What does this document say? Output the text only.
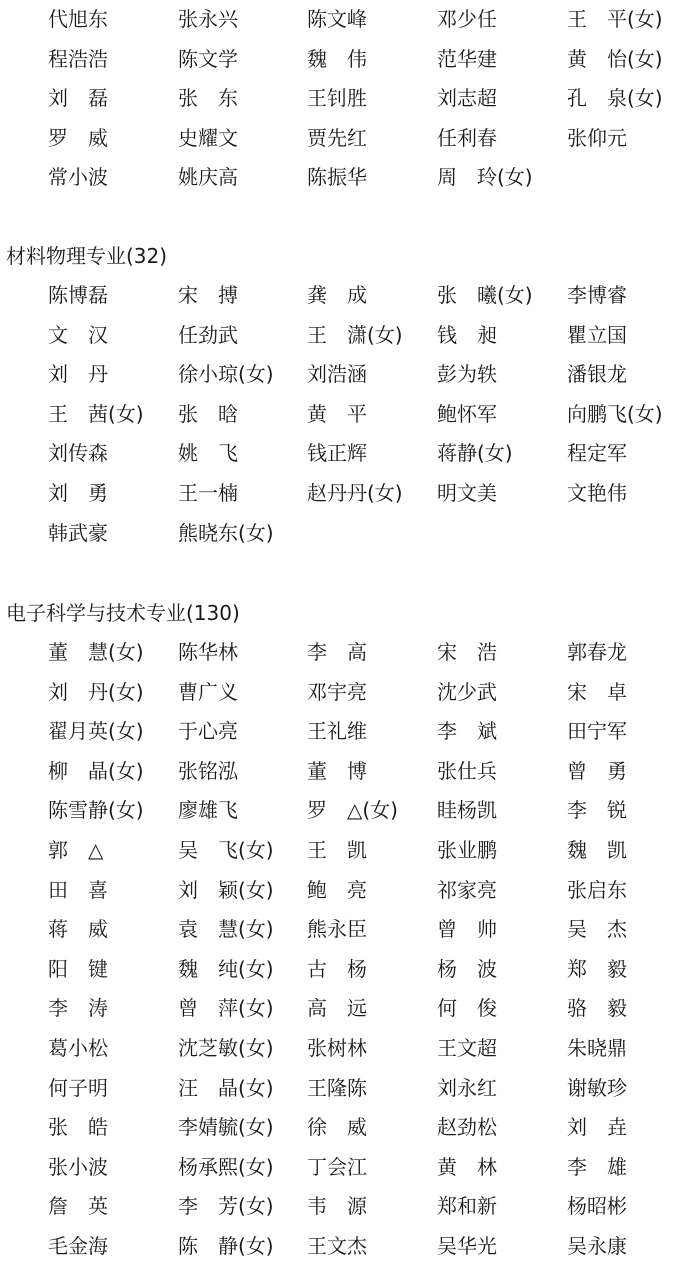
材料物理专业(32)
电子科学与技术专业(130)
代旭东	张永兴	陈文峰	邓少任	王　平(女)
程浩浩	陈文学	魏　伟	范华建	黄　怡(女)
刘　磊	张　东	王钊胜	刘志超	孔　泉(女)
罗　威	史耀文	贾先红	任利春	张仰元
常小波	姚庆高	陈振华	周　玲(女)
陈博磊	宋　搏	龚　成	张　曦(女) 李博睿
文　汉	任劲武	王　潇(女) 钱　昶	瞿立国
刘　丹	徐小琼(女) 刘浩涵	彭为轶	潘银龙
王　茜(女) 张　晗	黄　平	鲍怀军	向鹏飞(女)
刘传森	姚　飞	钱正辉	蒋静(女)	程定军
刘　勇	王一楠	赵丹丹(女) 明文美	文艳伟
韩武豪	熊晓东(女)
董　慧(女) 陈华林	李　高	宋　浩	郭春龙
刘　丹(女) 曹广义	邓宇亮	沈少武	宋　卓
翟月英(女) 于心亮	王礼维	李　斌	田宁军
柳　晶(女) 张铭泓	董　博	张仕兵	曾　勇
陈雪静(女) 廖雄飞	罗　△(女) 眭杨凯	李　锐
郭　△	吴　飞(女) 王　凯	张业鹏	魏　凯
田　喜	刘　颖(女) 鲍　亮	祁家亮	张启东
蒋　威	袁　慧(女) 熊永臣	曾　帅	吴　杰
阳　键	魏　纯(女) 古　杨	杨　波	郑　毅
李　涛	曾　萍(女) 高　远	何　俊	骆　毅
葛小松	沈芝敏(女) 张树林	王文超	朱晓鼎
何子明	汪　晶(女) 王隆陈	刘永红	谢敏珍
张　皓	李婧毓(女) 徐　威	赵劲松	刘　垚
张小波	杨承熙(女) 丁会江	黄　林	李　雄
詹　英	李　芳(女) 韦　源	郑和新	杨昭彬
毛金海	陈　静(女) 王文杰	吴华光	吴永康
